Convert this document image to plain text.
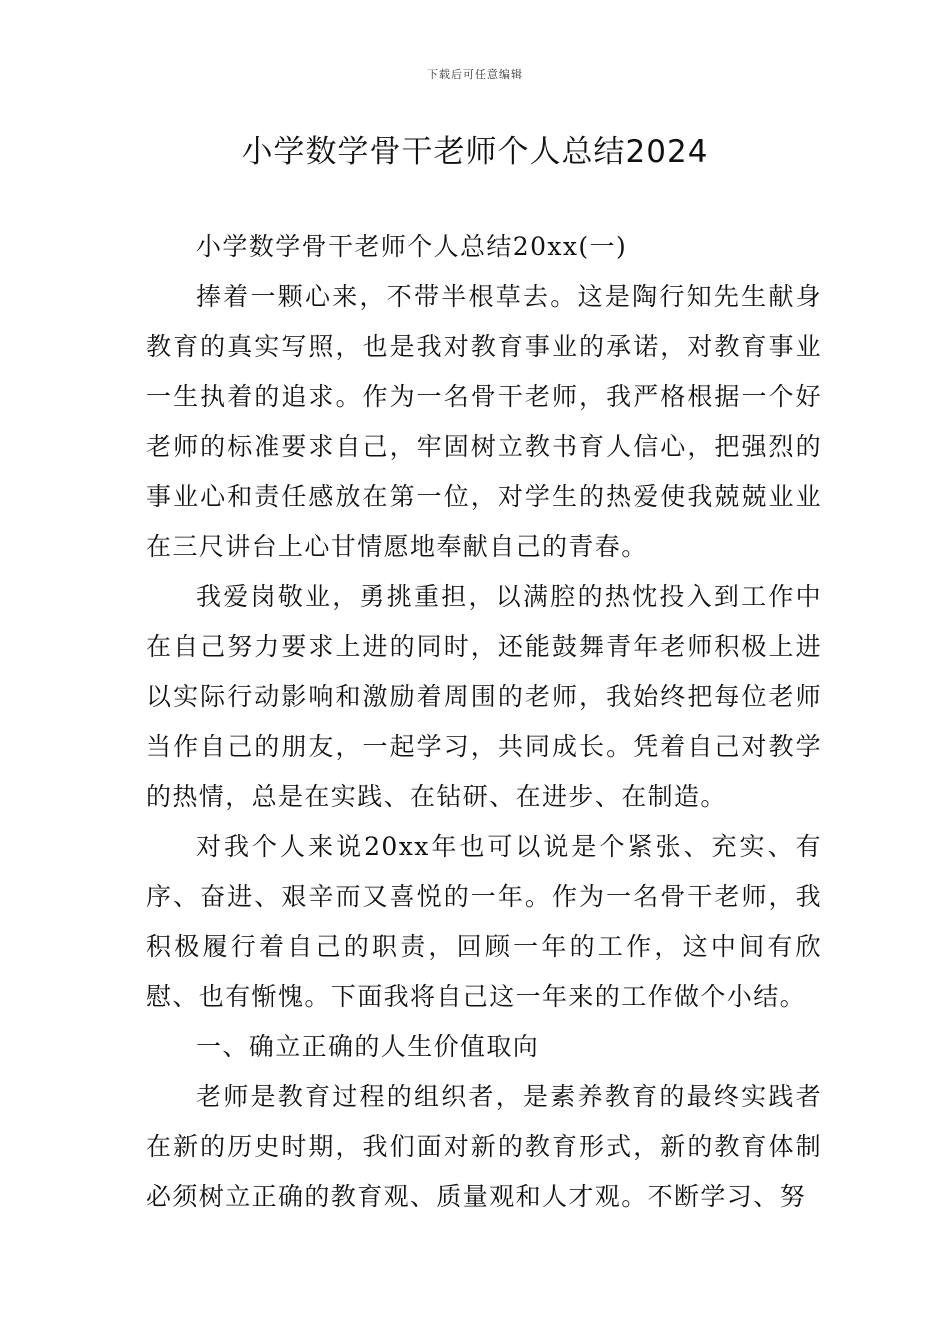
下载后可任意编辑
小学数学骨干老师个人总结2024

小学数学骨干老师个人总结20xx(一)

捧着一颗心来，不带半根草去。这是陶行知先生献身教育的真实写照，也是我对教育事业的承诺，对教育事业一生执着的追求。作为一名骨干老师，我严格根据一个好老师的标准要求自己，牢固树立教书育人信心，把强烈的事业心和责任感放在第一位，对学生的热爱使我兢兢业业在三尺讲台上心甘情愿地奉献自己的青春。

我爱岗敬业，勇挑重担，以满腔的热忱投入到工作中在自己努力要求上进的同时，还能鼓舞青年老师积极上进以实际行动影响和激励着周围的老师，我始终把每位老师当作自己的朋友，一起学习，共同成长。凭着自己对教学的热情，总是在实践、在钻研、在进步、在制造。

对我个人来说20xx年也可以说是个紧张、充实、有序、奋进、艰辛而又喜悦的一年。作为一名骨干老师，我积极履行着自己的职责，回顾一年的工作，这中间有欣慰、也有惭愧。下面我将自己这一年来的工作做个小结。

一、确立正确的人生价值取向

老师是教育过程的组织者，是素养教育的最终实践者在新的历史时期，我们面对新的教育形式，新的教育体制必须树立正确的教育观、质量观和人才观。不断学习、努
